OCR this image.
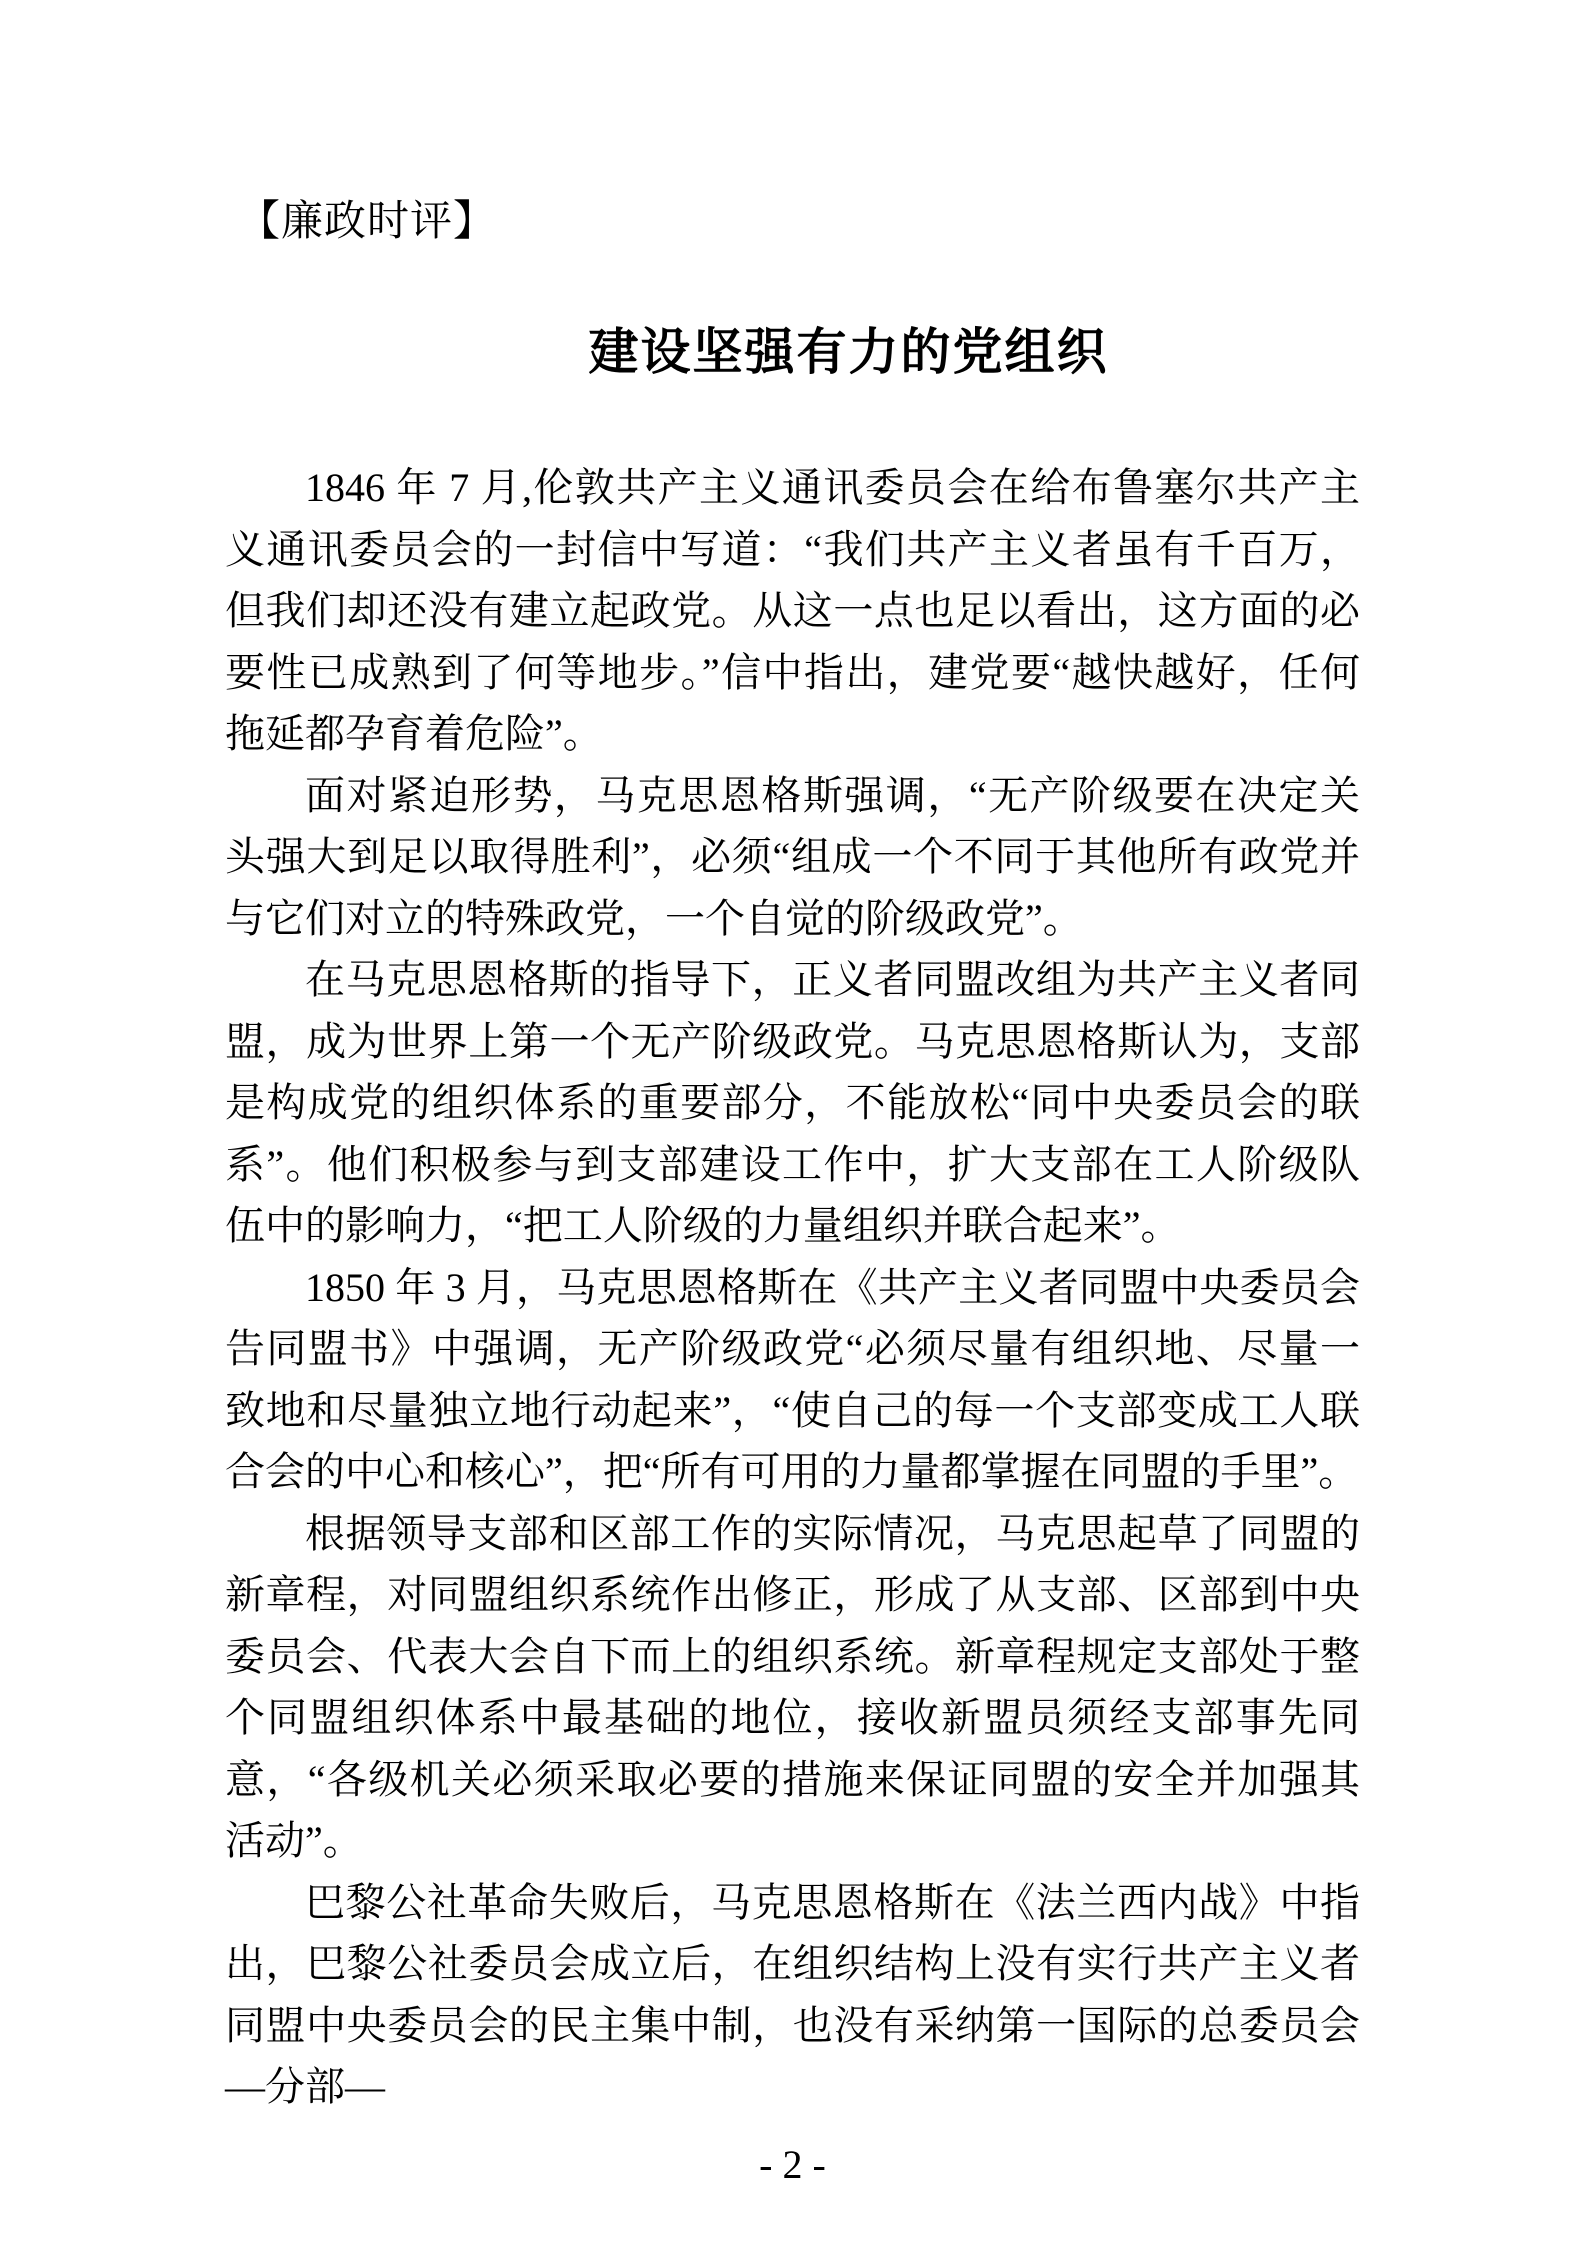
【廉政时评】
建设坚强有力的党组织

1846 年 7 月,伦敦共产主义通讯委员会在给布鲁塞尔共产主义通讯委员会的一封信中写道：“我们共产主义者虽有千百万，但我们却还没有建立起政党。从这一点也足以看出，这方面的必要性已成熟到了何等地步。”信中指出，建党要“越快越好，任何拖延都孕育着危险”。

面对紧迫形势，马克思恩格斯强调，“无产阶级要在决定关头强大到足以取得胜利”，必须“组成一个不同于其他所有政党并与它们对立的特殊政党，一个自觉的阶级政党”。

在马克思恩格斯的指导下，正义者同盟改组为共产主义者同盟，成为世界上第一个无产阶级政党。马克思恩格斯认为，支部是构成党的组织体系的重要部分，不能放松“同中央委员会的联系”。他们积极参与到支部建设工作中，扩大支部在工人阶级队伍中的影响力，“把工人阶级的力量组织并联合起来”。

1850 年 3 月，马克思恩格斯在《共产主义者同盟中央委员会告同盟书》中强调，无产阶级政党“必须尽量有组织地、尽量一致地和尽量独立地行动起来”，“使自己的每一个支部变成工人联合会的中心和核心”，把“所有可用的力量都掌握在同盟的手里”。

根据领导支部和区部工作的实际情况，马克思起草了同盟的新章程，对同盟组织系统作出修正，形成了从支部、区部到中央委员会、代表大会自下而上的组织系统。新章程规定支部处于整个同盟组织体系中最基础的地位，接收新盟员须经支部事先同意，“各级机关必须采取必要的措施来保证同盟的安全并加强其活动”。

巴黎公社革命失败后，马克思恩格斯在《法兰西内战》中指出，巴黎公社委员会成立后，在组织结构上没有实行共产主义者同盟中央委员会的民主集中制，也没有采纳第一国际的总委员会—分部—

- 2 -
